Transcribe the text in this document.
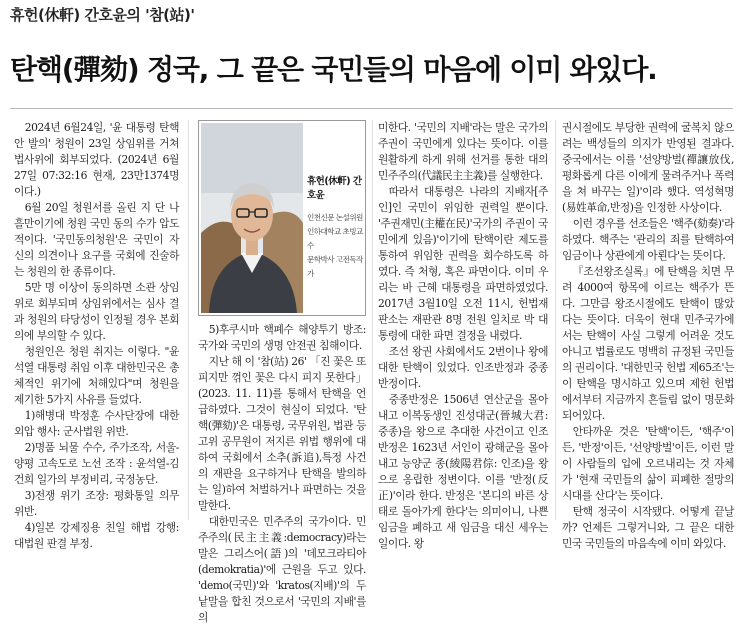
휴헌(休軒) 간호윤의 '참(站)'
탄핵(彈劾) 정국, 그 끝은 국민들의 마음에 이미 와있다.

2024년 6월24일, '윤 대통령 탄핵안 발의' 청원이 23일 상임위를 거쳐 법사위에 회부되었다. (2024년 6월27일 07:32:16 현재, 23만1374명이다.)

6월 20일 청원서를 올린 지 단 나흘만이기에 청원 국민 동의 수가 압도적이다. '국민동의청원'은 국민이 자신의 의견이나 요구를 국회에 진술하는 청원의 한 종류이다.

5만 명 이상이 동의하면 소관 상임위로 회부되며 상임위에서는 심사 결과 청원의 타당성이 인정될 경우 본회의에 부의할 수 있다.

청원인은 청원 취지는 이렇다. "윤석열 대통령 취임 이후 대한민국은 총체적인 위기에 처해있다"며 청원을 제기한 5가지 사유를 들었다.

1)해병대 박정훈 수사단장에 대한 외압 행사: 군사법원 위반.

2)명품 뇌물 수수, 주가조작, 서울-양평 고속도로 노선 조작 : 윤석열-김건희 일가의 부정비리, 국정농단.

3)전쟁 위기 조장: 평화통일 의무 위반.

4)일본 강제징용 친일 해법 강행: 대법원 판결 부정.

휴헌(休軒) 간호윤
인천신문 논설위원
인하대학교 초빙교수
문학박사 고전독작가

5)후쿠시마 핵폐수 해양투기 방조: 국가와 국민의 생명 안전권 침해이다.

지난 해 이 '참(站) 26' 「진 꽃은 또 피지만 꺾인 꽃은 다시 피지 못한다」(2023. 11. 11)를 통해서 탄핵을 언급하였다. 그것이 현실이 되었다. '탄핵(彈劾)'은 대통령, 국무위원, 법관 등 고위 공무원이 저지른 위법 행위에 대하여 국회에서 소추(訴追),특정 사건의 재판을 요구하거나 탄핵을 발의하는 일)하여 처벌하거나 파면하는 것을 말한다.

대한민국은 민주주의 국가이다. 민주주의(民主主義:democracy)라는 말은 그리스어(語)의 '데모크라티아(demokratia)'에 근원을 두고 있다. 'demo(국민)'와 'kratos(지배)'의 두 낱말을 합친 것으로서 '국민의 지배'를 의

미한다. '국민의 지배'라는 말은 국가의 주권이 국민에게 있다는 뜻이다. 이를 원활하게 하게 위해 선거를 통한 대의 민주주의(代議民主主義)를 실행한다.

따라서 대통령은 나라의 지배자[주인]인 국민이 위임한 권력일 뿐이다. '주권재민(主權在民)'국가의 주권이 국민에게 있음)'이기에 탄핵이란 제도를 통하여 위임한 권력을 회수하도록 하였다. 즉 처형, 혹은 파면이다. 이미 우리는 바 근혜 대통령을 파면하였었다. 2017년 3월10일 오전 11시, 헌법재판소는 재판관 8명 전원 일치로 박 대통령에 대한 파면 결정을 내렸다.

조선 왕권 사회에서도 2번이나 왕에 대한 탄핵이 있었다. 인조반정과 중종반정이다.

중종반정은 1506년 연산군을 몰아내고 이복동생인 진성대군(晉城大君:중종)을 왕으로 추대한 사건이고 인조반정은 1623년 서인이 광해군을 몰아내고 능양군 종(綾陽君倧: 인조)을 왕으로 옹립한 정변이다. 이를 '반정(反正)'이라 한다. 반정은 '본디의 바른 상태로 돌아가게 한다'는 의미이니, 나쁜 임금을 폐하고 새 임금을 대신 세우는 일이다. 왕

권시절에도 부당한 권력에 굴복치 않으려는 백성들의 의지가 반영된 결과다. 중국에서는 이를 '선양방벌(禪讓放伐, 평화롭게 다른 이에게 물려주거나 폭력을 쳐 바꾸는 일)'이라 했다. 역성혁명(易姓革命,반정)을 인정한 사상이다.

이런 경우를 선조들은 '핵주(劾奏)'라 하였다. 핵주는 '관리의 죄를 탄핵하여 임금이나 상관에게 아뢴다'는 뜻이다.

『조선왕조실록』에 탄핵을 치면 무려 4000여 항목에 이르는 핵주가 뜬다. 그만큼 왕조시절에도 탄핵이 많았다는 뜻이다. 더욱이 현대 민주국가에서는 탄핵이 사실 그렇게 어려운 것도 아니고 법률로도 명백히 규정된 국민들의 권리이다. '대한민국 헌법 제65조'는 이 탄핵을 명시하고 있으며 제헌 헌법에서부터 지금까지 흔들림 없이 명문화 되어있다.

안타까운 것은 '탄핵'이든, '핵주'이든, '반정'이든, '선양방벌'이든, 이런 말이 사람들의 입에 오르내리는 것 자체가 '현재 국민들의 삶이 피폐한 절망의 시대를 산다'는 뜻이다.

탄핵 정국이 시작됐다. 어떻게 끝날까? 언제든 그렇거니와, 그 끝은 대한민국 국민들의 마음속에 이미 와있다.
